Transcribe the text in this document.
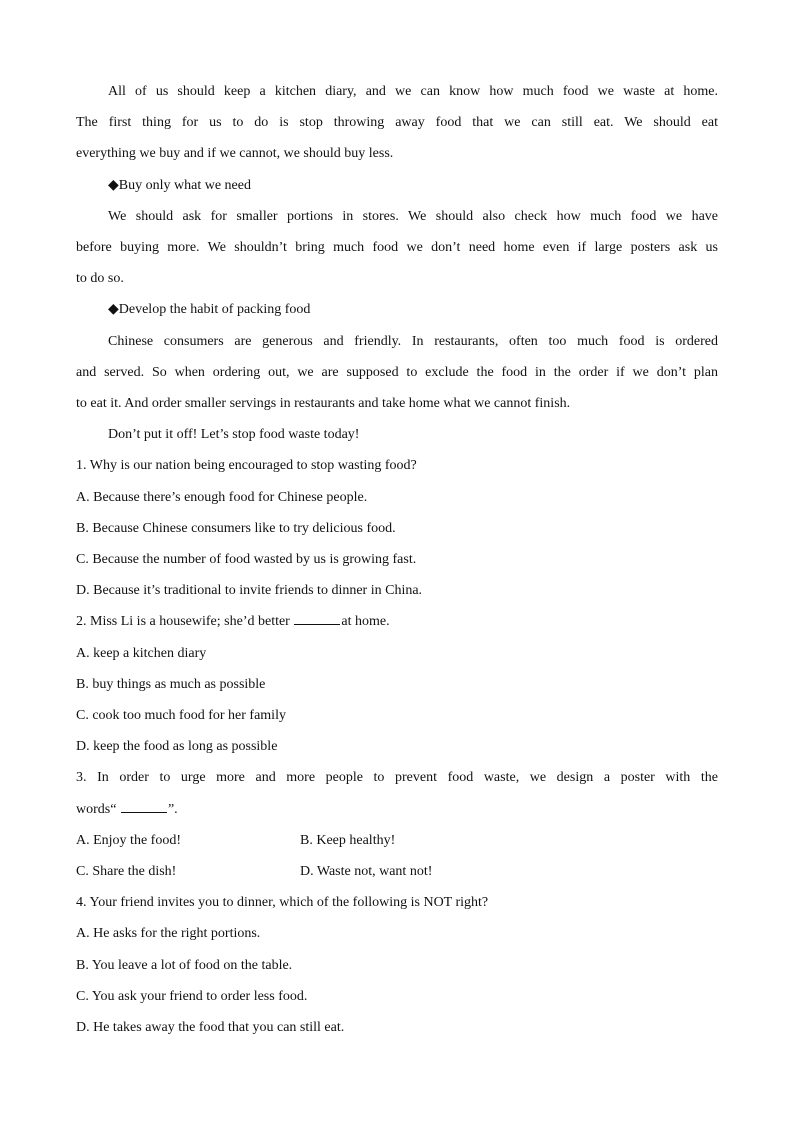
All of us should keep a kitchen diary, and we can know how much food we waste at home.
The first thing for us to do is stop throwing away food that we can still eat. We should eat
everything we buy and if we cannot, we should buy less.
◆Buy only what we need
We should ask for smaller portions in stores. We should also check how much food we have
before buying more. We shouldn’t bring much food we don’t need home even if large posters ask us
to do so.
◆Develop the habit of packing food
Chinese consumers are generous and friendly. In restaurants, often too much food is ordered
and served. So when ordering out, we are supposed to exclude the food in the order if we don’t plan
to eat it. And order smaller servings in restaurants and take home what we cannot finish.
Don’t put it off! Let’s stop food waste today!
1. Why is our nation being encouraged to stop wasting food?
A. Because there’s enough food for Chinese people.
B. Because Chinese consumers like to try delicious food.
C. Because the number of food wasted by us is growing fast.
D. Because it’s traditional to invite friends to dinner in China.
2. Miss Li is a housewife; she’d better	at home.
A. keep a kitchen diary
B. buy things as much as possible
C. cook too much food for her family
D. keep the food as long as possible
3. In order to urge more and more people to prevent food waste, we design a poster with the
words“	”.
A. Enjoy the food!	B. Keep healthy!
C. Share the dish!	D. Waste not, want not!
4. Your friend invites you to dinner, which of the following is NOT right?
A. He asks for the right portions.
B. You leave a lot of food on the table.
C. You ask your friend to order less food.
D. He takes away the food that you can still eat.
